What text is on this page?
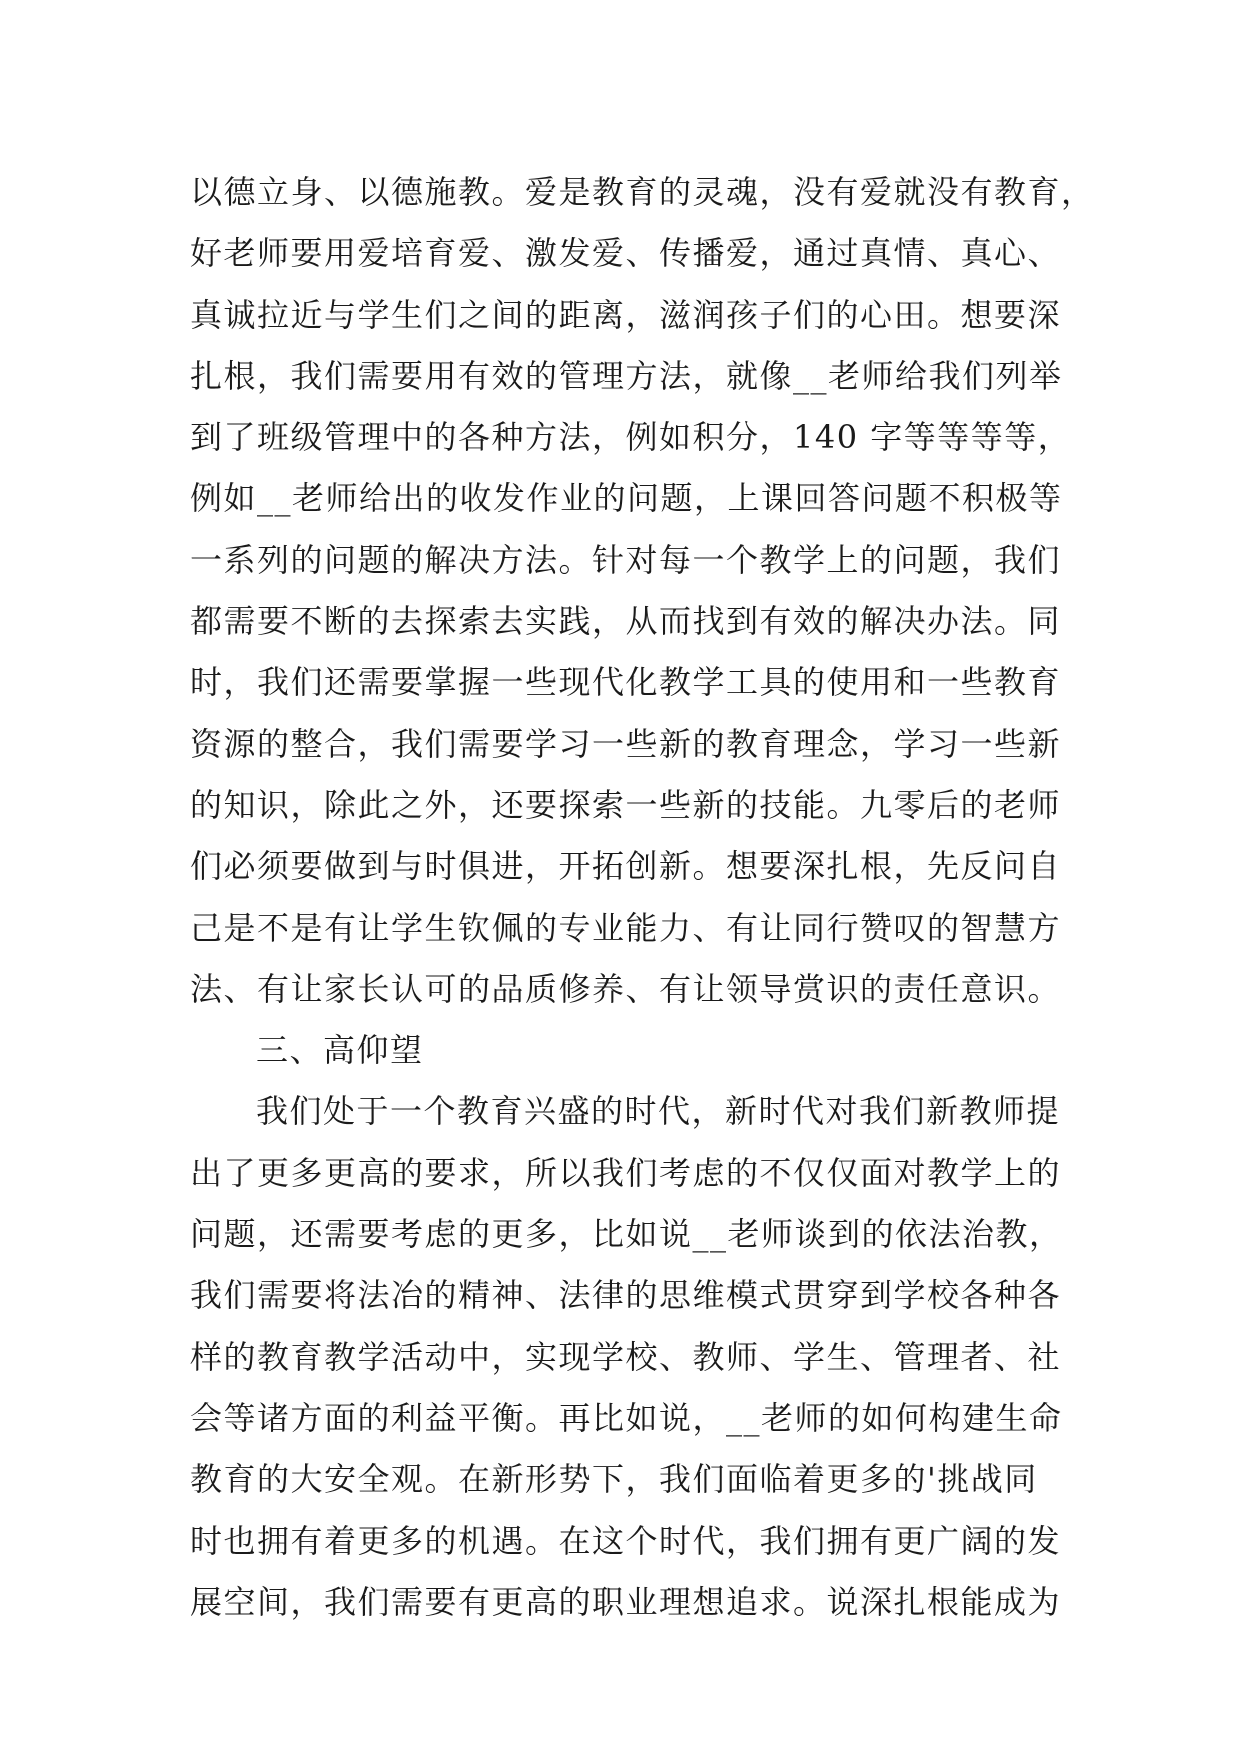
以德立身、以德施教。爱是教育的灵魂，没有爱就没有教育，
好老师要用爱培育爱、激发爱、传播爱，通过真情、真心、
真诚拉近与学生们之间的距离，滋润孩子们的心田。想要深
扎根，我们需要用有效的管理方法，就像__老师给我们列举
到了班级管理中的各种方法，例如积分，140 字等等等等，
例如__老师给出的收发作业的问题，上课回答问题不积极等
一系列的问题的解决方法。针对每一个教学上的问题，我们
都需要不断的去探索去实践，从而找到有效的解决办法。同
时，我们还需要掌握一些现代化教学工具的使用和一些教育
资源的整合，我们需要学习一些新的教育理念，学习一些新
的知识，除此之外，还要探索一些新的技能。九零后的老师
们必须要做到与时俱进，开拓创新。想要深扎根，先反问自
己是不是有让学生钦佩的专业能力、有让同行赞叹的智慧方
法、有让家长认可的品质修养、有让领导赏识的责任意识。
三、高仰望
我们处于一个教育兴盛的时代，新时代对我们新教师提
出了更多更高的要求，所以我们考虑的不仅仅面对教学上的
问题，还需要考虑的更多，比如说__老师谈到的依法治教，
我们需要将法冶的精神、法律的思维模式贯穿到学校各种各
样的教育教学活动中，实现学校、教师、学生、管理者、社
会等诸方面的利益平衡。再比如说，__老师的如何构建生命
教育的大安全观。在新形势下，我们面临着更多的'挑战同
时也拥有着更多的机遇。在这个时代，我们拥有更广阔的发
展空间，我们需要有更高的职业理想追求。说深扎根能成为
